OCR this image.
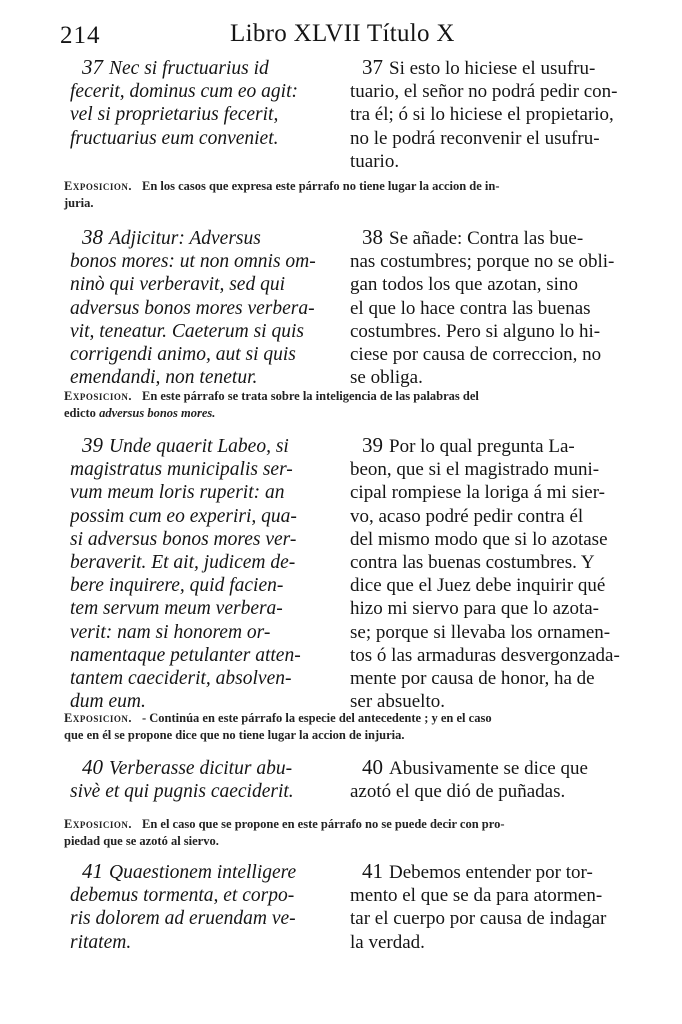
214	Libro XLVII Título X
37 Nec si fructuarius id
fecerit, dominus cum eo agit:
vel si proprietarius fecerit,
fructuarius eum conveniet.
37 Si esto lo hiciese el usufru-
tuario, el señor no podrá pedir con-
tra él; ó si lo hiciese el propietario,
no le podrá reconvenir el usufru-
tuario.
Exposicion. En los casos que expresa este párrafo no tiene lugar la accion de in-
juria.
38 Adjicitur: Adversus
bonos mores: ut non omnis om-
ninò qui verberavit, sed qui
adversus bonos mores verbera-
vit, teneatur. Caeterum si quis
corrigendi animo, aut si quis
emendandi, non tenetur.
38 Se añade: Contra las bue-
nas costumbres; porque no se obli-
gan todos los que azotan, sino
el que lo hace contra las buenas
costumbres. Pero si alguno lo hi-
ciese por causa de correccion, no
se obliga.
Exposicion. En este párrafo se trata sobre la inteligencia de las palabras del
edicto adversus bonos mores.
39 Unde quaerit Labeo, si
magistratus municipalis ser-
vum meum loris ruperit: an
possim cum eo experiri, qua-
si adversus bonos mores ver-
beraverit. Et ait, judicem de-
bere inquirere, quid facien-
tem servum meum verbera-
verit: nam si honorem or-
namentaque petulanter atten-
tantem caeciderit, absolven-
dum eum.
39 Por lo qual pregunta La-
beon, que si el magistrado muni-
cipal rompiese la loriga á mi sier-
vo, acaso podré pedir contra él
del mismo modo que si lo azotase
contra las buenas costumbres. Y
dice que el Juez debe inquirir qué
hizo mi siervo para que lo azota-
se; porque si llevaba los ornamen-
tos ó las armaduras desvergonzada-
mente por causa de honor, ha de
ser absuelto.
Exposicion. - Continúa en este párrafo la especie del antecedente ; y en el caso
que en él se propone dice que no tiene lugar la accion de injuria.
40 Verberasse dicitur abu-
sivè et qui pugnis caeciderit.
40 Abusivamente se dice que
azotó el que dió de puñadas.
Exposicion. En el caso que se propone en este párrafo no se puede decir con pro-
piedad que se azotó al siervo.
41 Quaestionem intelligere
debemus tormenta, et corpo-
ris dolorem ad eruendam ve-
ritatem.
41 Debemos entender por tor-
mento el que se da para atormen-
tar el cuerpo por causa de indagar
la verdad.
